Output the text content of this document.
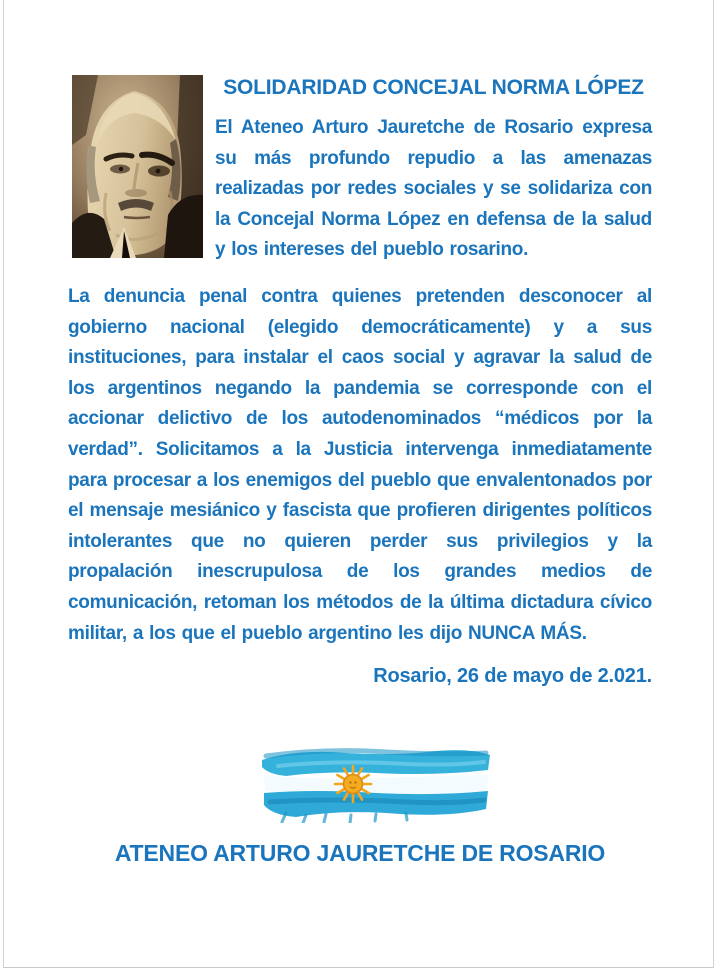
SOLIDARIDAD CONCEJAL NORMA LÓPEZ

El Ateneo Arturo Jauretche de Rosario expresa su más profundo repudio a las amenazas realizadas por redes sociales y se solidariza con la Concejal Norma López en defensa de la salud y los intereses del pueblo rosarino.

La denuncia penal contra quienes pretenden desconocer al gobierno nacional (elegido democráticamente) y a sus instituciones, para instalar el caos social y agravar la salud de los argentinos negando la pandemia se corresponde con el accionar delictivo de los autodenominados “médicos por la verdad”. Solicitamos a la Justicia intervenga inmediatamente para procesar a los enemigos del pueblo que envalentonados por el mensaje mesiánico y fascista que profieren dirigentes políticos intolerantes que no quieren perder sus privilegios y la propalación inescrupulosa de los grandes medios de comunicación, retoman los métodos de la última dictadura cívico militar, a los que el pueblo argentino les dijo NUNCA MÁS.

Rosario, 26 de mayo de 2.021.

ATENEO ARTURO JAURETCHE DE ROSARIO
